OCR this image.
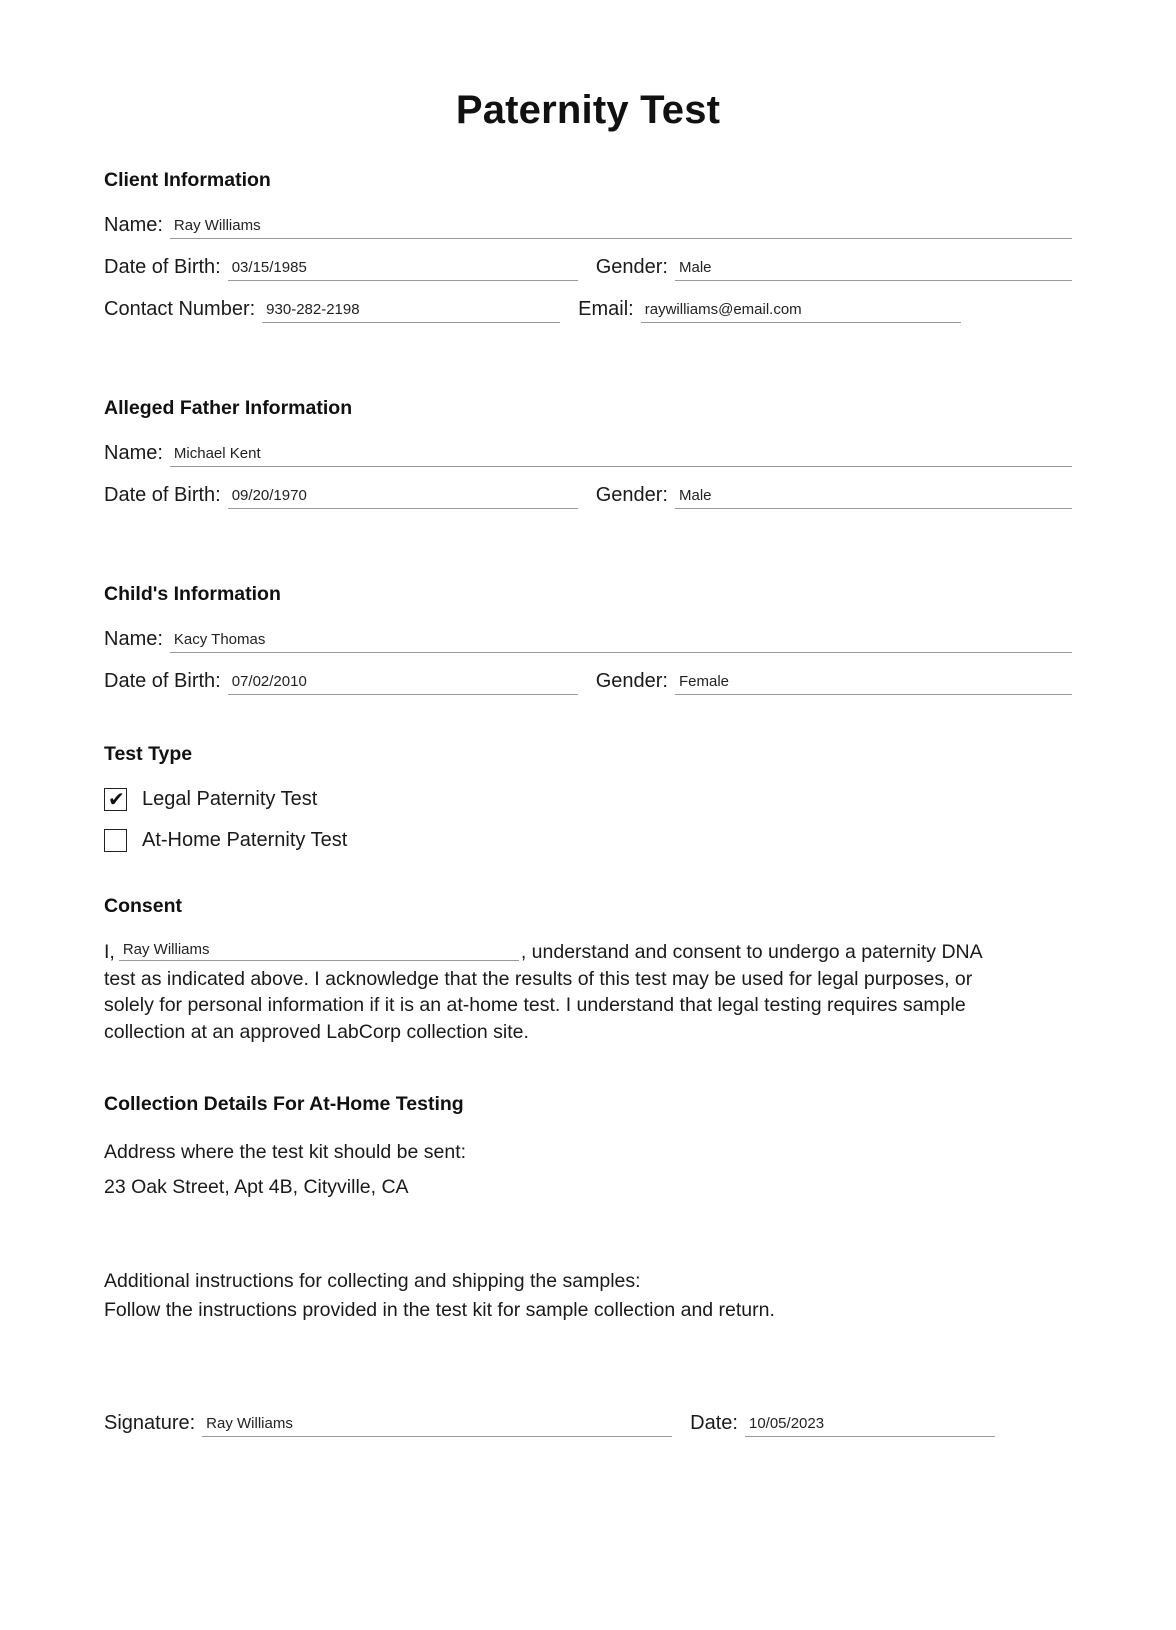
Paternity Test
Client Information
Name: Ray Williams
Date of Birth: 03/15/1985	Gender: Male
Contact Number: 930-282-2198	Email: raywilliams@email.com
Alleged Father Information
Name: Michael Kent
Date of Birth: 09/20/1970	Gender: Male
Child's Information
Name: Kacy Thomas
Date of Birth: 07/02/2010	Gender: Female
Test Type
✔ Legal Paternity Test
At-Home Paternity Test
Consent

I, Ray Williams	, understand and consent to undergo a paternity DNA test as indicated above. I acknowledge that the results of this test may be used for legal purposes, or solely for personal information if it is an at-home test. I understand that legal testing requires sample collection at an approved LabCorp collection site.

Collection Details For At-Home Testing

Address where the test kit should be sent:

23 Oak Street, Apt 4B, Cityville, CA

Additional instructions for collecting and shipping the samples:

Follow the instructions provided in the test kit for sample collection and return.

Signature: Ray Williams	Date: 10/05/2023
